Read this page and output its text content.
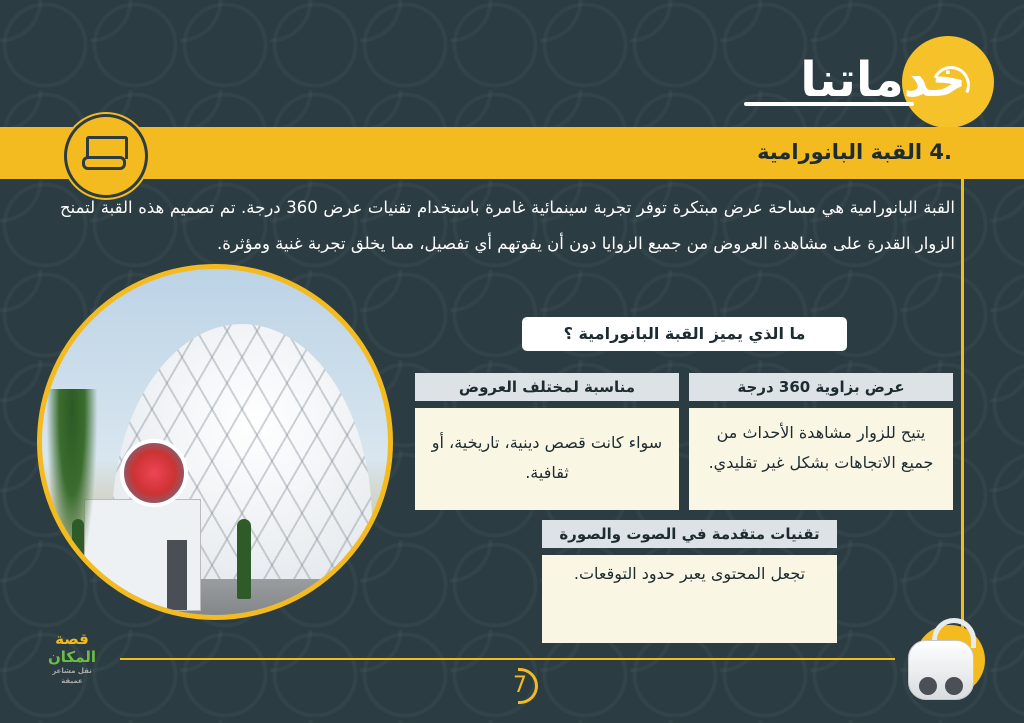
خدماتنا
.4 القبة البانورامية
القبة البانورامية هي مساحة عرض مبتكرة توفر تجربة سينمائية غامرة باستخدام تقنيات عرض 360 درجة. تم تصميم هذه القبة لتمنح الزوار القدرة على مشاهدة العروض من جميع الزوايا دون أن يفوتهم أي تفصيل، مما يخلق تجربة غنية ومؤثرة.
ما الذي يميز القبة البانورامية ؟
عرض بزاوية 360 درجة
يتيح للزوار مشاهدة الأحداث من جميع الاتجاهات بشكل غير تقليدي.
مناسبة لمختلف العروض
سواء كانت قصص دينية، تاريخية، أو ثقافية.
تقنيات متقدمة في الصوت والصورة
تجعل المحتوى يعبر حدود التوقعات.
قصة
المكان
نقل مشاعر عميقة	7
